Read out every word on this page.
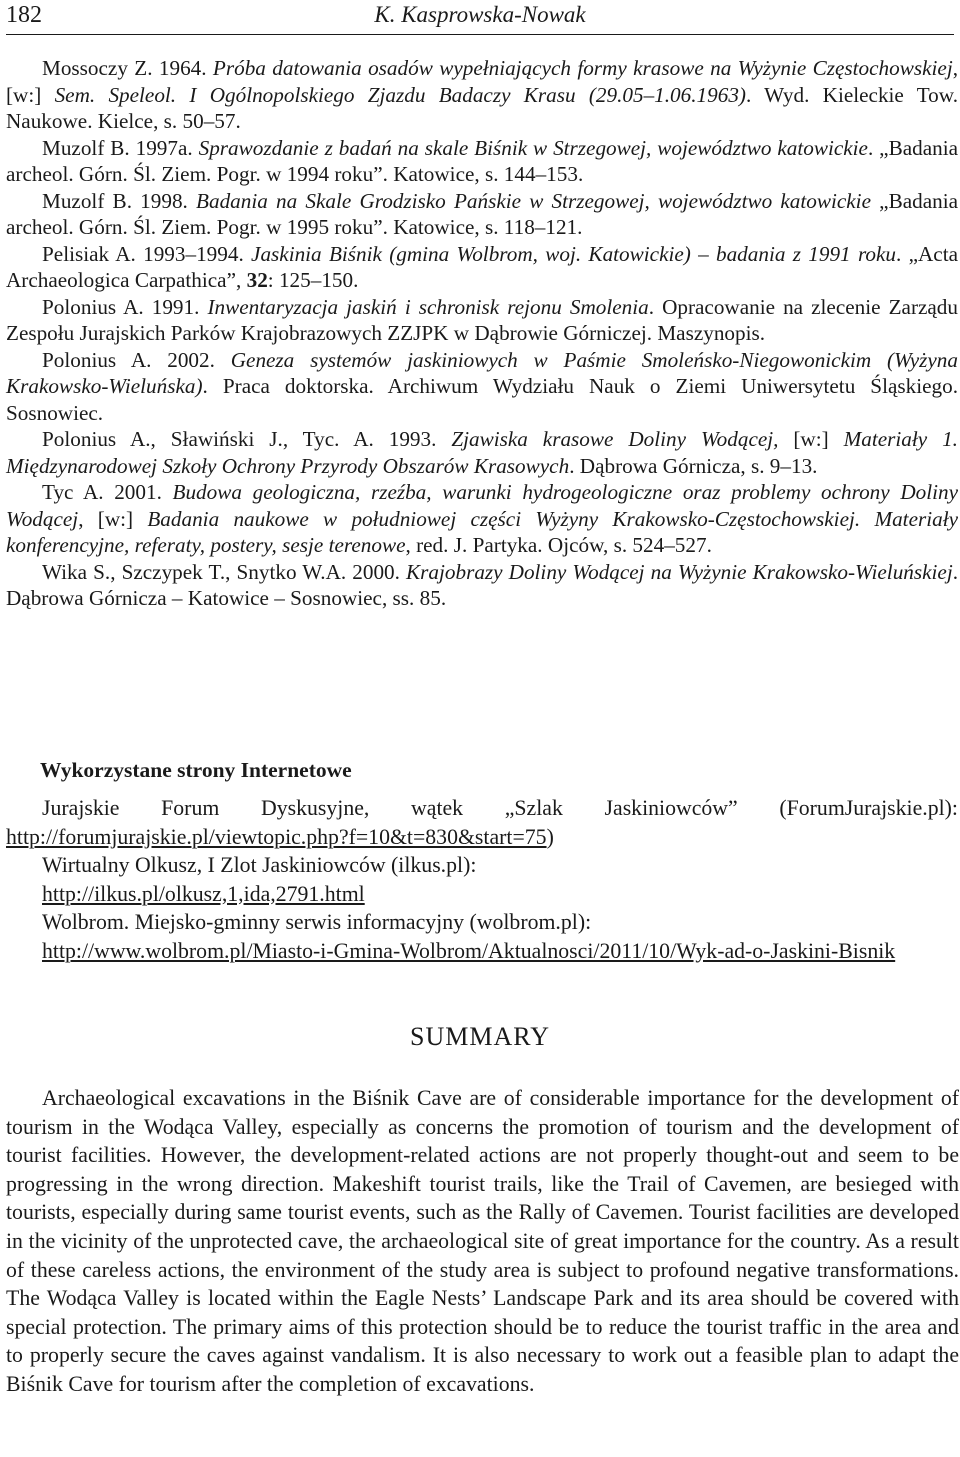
182	K. Kasprowska-Nowak

Mossoczy Z. 1964. Próba datowania osadów wypełniających formy krasowe na Wyżynie Częstochowskiej, [w:] Sem. Speleol. I Ogólnopolskiego Zjazdu Badaczy Krasu (29.05–1.06.1963). Wyd. Kieleckie Tow. Naukowe. Kielce, s. 50–57.

Muzolf B. 1997a. Sprawozdanie z badań na skale Biśnik w Strzegowej, województwo katowickie. „Badania archeol. Górn. Śl. Ziem. Pogr. w 1994 roku”. Katowice, s. 144–153.

Muzolf B. 1998. Badania na Skale Grodzisko Pańskie w Strzegowej, województwo katowickie „Badania archeol. Górn. Śl. Ziem. Pogr. w 1995 roku”. Katowice, s. 118–121.

Pelisiak A. 1993–1994. Jaskinia Biśnik (gmina Wolbrom, woj. Katowickie) – badania z 1991 roku. „Acta Archaeologica Carpathica”, 32: 125–150.

Polonius A. 1991. Inwentaryzacja jaskiń i schronisk rejonu Smolenia. Opracowanie na zlecenie Zarządu Zespołu Jurajskich Parków Krajobrazowych ZZJPK w Dąbrowie Górniczej. Maszynopis.

Polonius A. 2002. Geneza systemów jaskiniowych w Paśmie Smoleńsko-Niegowonickim (Wyżyna Krakowsko-Wieluńska). Praca doktorska. Archiwum Wydziału Nauk o Ziemi Uniwersytetu Śląskiego. Sosnowiec.

Polonius A., Sławiński J., Tyc. A. 1993. Zjawiska krasowe Doliny Wodącej, [w:] Materiały 1. Międzynarodowej Szkoły Ochrony Przyrody Obszarów Krasowych. Dąbrowa Górnicza, s. 9–13.

Tyc A. 2001. Budowa geologiczna, rzeźba, warunki hydrogeologiczne oraz problemy ochrony Doliny Wodącej, [w:] Badania naukowe w południowej części Wyżyny Krakowsko-Częstochowskiej. Materiały konferencyjne, referaty, postery, sesje terenowe, red. J. Partyka. Ojców, s. 524–527.

Wika S., Szczypek T., Snytko W.A. 2000. Krajobrazy Doliny Wodącej na Wyżynie Krakowsko-Wieluńskiej. Dąbrowa Górnicza – Katowice – Sosnowiec, ss. 85.

Wykorzystane strony Internetowe

Jurajskie Forum Dyskusyjne, wątek „Szlak Jaskiniowców” (ForumJurajskie.pl): http://forumjurajskie.pl/viewtopic.php?f=10&t=830&start=75)

Wirtualny Olkusz, I Zlot Jaskiniowców (ilkus.pl):

http://ilkus.pl/olkusz,1,ida,2791.html

Wolbrom. Miejsko-gminny serwis informacyjny (wolbrom.pl):

http://www.wolbrom.pl/Miasto-i-Gmina-Wolbrom/Aktualnosci/2011/10/Wyk-ad-o-Jaskini-Bisnik

SUMMARY

Archaeological excavations in the Biśnik Cave are of considerable importance for the development of tourism in the Wodąca Valley, especially as concerns the promotion of tourism and the development of tourist facilities. However, the development-related actions are not properly thought-out and seem to be progressing in the wrong direction. Makeshift tourist trails, like the Trail of Cavemen, are besieged with tourists, especially during same tourist events, such as the Rally of Cavemen. Tourist facilities are developed in the vicinity of the unprotected cave, the archaeological site of great importance for the country. As a result of these careless actions, the environment of the study area is subject to profound negative transformations. The Wodąca Valley is located within the Eagle Nests’ Landscape Park and its area should be covered with special protection. The primary aims of this protection should be to reduce the tourist traffic in the area and to properly secure the caves against vandalism. It is also necessary to work out a feasible plan to adapt the Biśnik Cave for tourism after the completion of excavations.
